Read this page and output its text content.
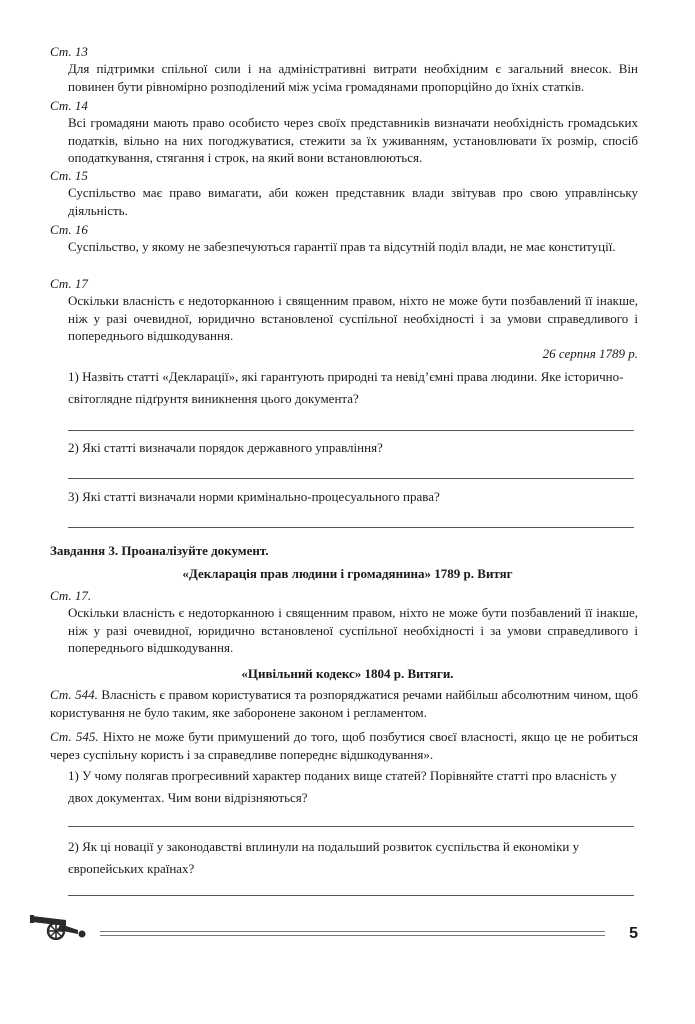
Ст. 13
Для підтримки спільної сили і на адміністративні витрати необхідним є загальний внесок. Він повинен бути рівномірно розподілений між усіма громадянами пропорційно до їхніх статків.
Ст. 14
Всі громадяни мають право особисто через своїх представників визначати необхідність громадських податків, вільно на них погоджуватися, стежити за їх уживанням, установлювати їх розмір, спосіб оподаткування, стягання і строк, на який вони встановлюються.
Ст. 15
Суспільство має право вимагати, аби кожен представник влади звітував про свою управлінську діяльність.
Ст. 16
Суспільство, у якому не забезпечуються гарантії прав та відсутній поділ влади, не має конституції.
Ст. 17
Оскільки власність є недоторканною і священним правом, ніхто не може бути позбавлений її інакше, ніж у разі очевидної, юридично встановленої суспільної необхідності і за умови справедливого і попереднього відшкодування.
26 серпня 1789 р.
1) Назвіть статті «Декларації», які гарантують природні та невід’ємні права людини. Яке історично-світоглядне підґрунтя виникнення цього документа?
2) Які статті визначали порядок державного управління?
3) Які статті визначали норми кримінально-процесуального права?
Завдання 3. Проаналізуйте документ.
«Декларація прав людини і громадянина» 1789 р. Витяг
Ст. 17.
Оскільки власність є недоторканною і священним правом, ніхто не може бути позбавлений її інакше, ніж у разі очевидної, юридично встановленої суспільної необхідності і за умови справедливого і попереднього відшкодування.
«Цивільний кодекс» 1804 р. Витяги.
Ст. 544. Власність є правом користуватися та розпоряджатися речами найбільш абсолютним чином, щоб користування не було таким, яке заборонене законом і регламентом.
Ст. 545. Ніхто не може бути примушений до того, щоб позбутися своєї власності, якщо це не робиться через суспільну користь і за справедливе попереднє відшкодування».
1) У чому полягав прогресивний характер поданих вище статей? Порівняйте статті про власність у двох документах. Чим вони відрізняються?
2) Як ці новації у законодавстві вплинули на подальший розвиток суспільства й економіки у європейських країнах?
5
